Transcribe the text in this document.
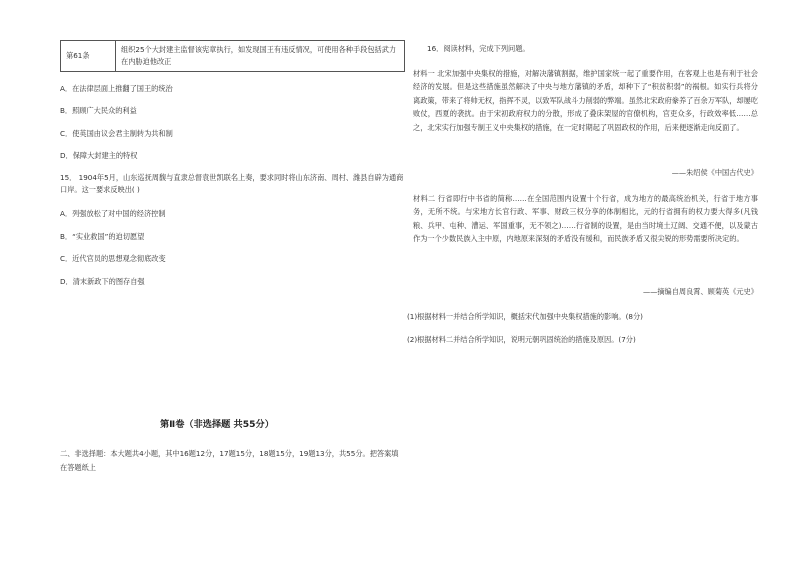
第61条	组织25个大封建主监督该宪章执行，如发现国王有违反情况，可使用各种手段包括武力在内胁迫他改正
A．在法律层面上推翻了国王的统治
B．照顾广大民众的利益
C．使英国由议会君主制转为共和制
D．保障大封建主的特权
15． 1904年5月，山东巡抚周馥与直隶总督袁世凯联名上奏，要求同时将山东济南、周村、潍县自辟为通商口岸。这一要求反映出( )
A．列强放松了对中国的经济控制
B．“实业救国”的迫切愿望
C．近代官员的思想观念彻底改变
D．清末新政下的图存自强
第Ⅱ卷（非选择题 共55分）
二、非选择题：本大题共4小题，其中16题12分，17题15分，18题15分，19题13分，共55分。把答案填在答题纸上
16．阅读材料，完成下列问题。
材料一 北宋加强中央集权的措施，对解决藩镇割据，维护国家统一起了重要作用，在客观上也是有利于社会经济的发展。但是这些措施虽然解决了中央与地方藩镇的矛盾，却种下了“积贫积弱”的祸根。如实行兵将分离政策，带来了将帅无权，指挥不灵，以致军队战斗力削弱的弊端。虽然北宋政府豢养了百余万军队，却屡吃败仗，西夏的袭扰。由于宋初政府权力的分散，形成了叠床架屋的官僚机构，官吏众多，行政效率低……总之，北宋实行加强专制王义中央集权的措施，在一定时期起了巩固政权的作用，后来便逐渐走向反面了。
——朱绍侯《中国古代史》
材料二 行省即行中书省的简称……在全国范围内设置十个行省，成为地方的最高统治机关，行省于地方事务，无所不统。与宋地方长官行政、军事、财政三权分享的体制相比，元的行省拥有的权力要大得多(凡钱粮、兵甲、屯种、漕运、军国重事，无不领之)……行省制的设置，是由当时境土辽阔、交通不便，以及蒙古作为一个少数民族入主中原，内地原来深刻的矛盾没有缓和，而民族矛盾又很尖锐的形势需要所决定的。
——摘编自周良霄、顾菊英《元史》
(1)根据材料一并结合所学知识，概括宋代加强中央集权措施的影响。(8分)
(2)根据材料二并结合所学知识，说明元朝巩固统治的措施及原因。(7分)
